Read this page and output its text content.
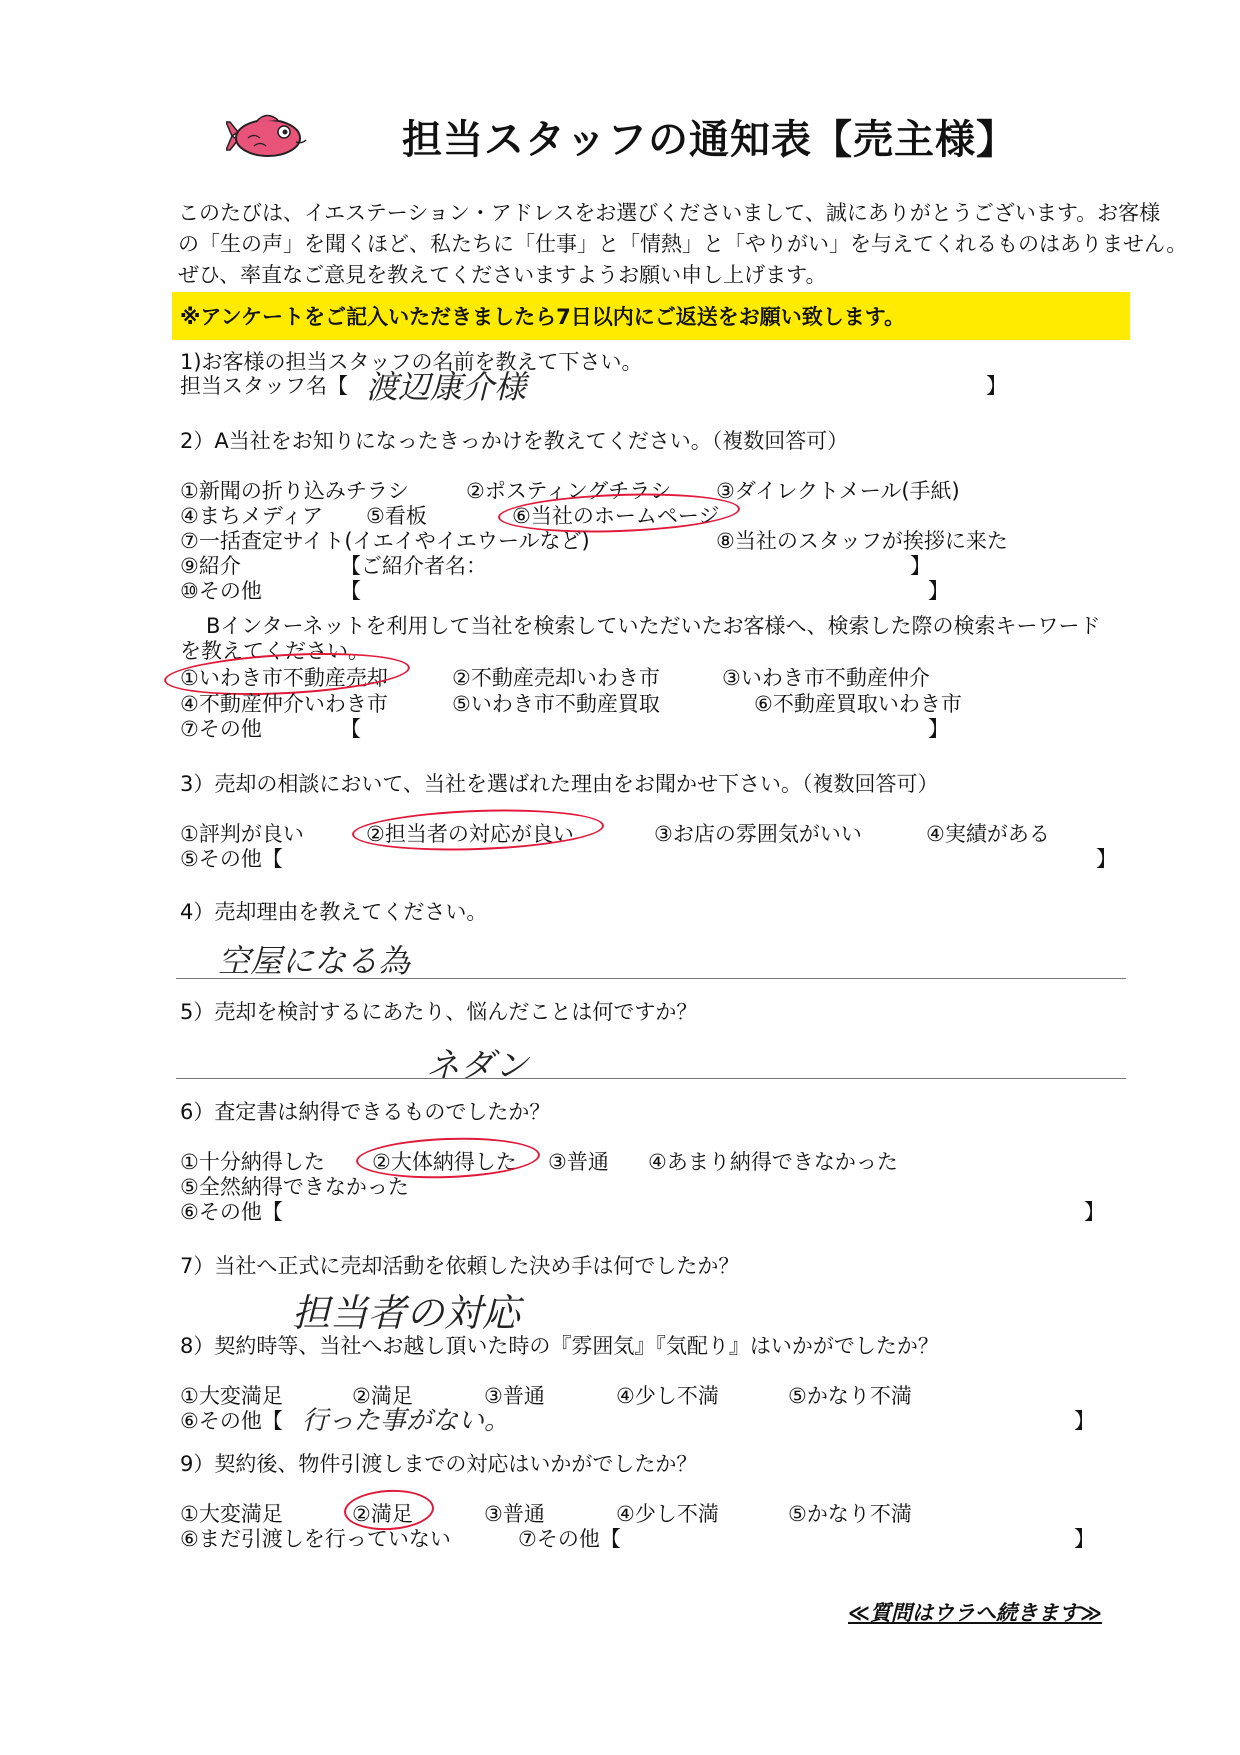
担当スタッフの通知表【売主様】
このたびは、イエステーション・アドレスをお選びくださいまして、誠にありがとうございます。お客様
の「生の声」を聞くほど、私たちに「仕事」と「情熱」と「やりがい」を与えてくれるものはありません。
ぜひ、率直なご意見を教えてくださいますようお願い申し上げます。
※アンケートをご記入いただきましたら7日以内にご返送をお願い致します。
1)お客様の担当スタッフの名前を教えて下さい。
担当スタッフ名【 渡辺康介様	】
2）A当社をお知りになったきっかけを教えてください。（複数回答可）
①新聞の折り込みチラシ	②ポスティングチラシ ③ダイレクトメール(手紙)
④まちメディア ⑤看板	⑥当社のホームページ
⑦一括査定サイト(イエイやイエウールなど)	⑧当社のスタッフが挨拶に来た
⑨紹介	【ご紹介者名：	】
⑩その他	【	】
Bインターネットを利用して当社を検索していただいたお客様へ、検索した際の検索キーワード
を教えてください。
①いわき市不動産売却	②不動産売却いわき市	③いわき市不動産仲介
④不動産仲介いわき市	⑤いわき市不動産買取	⑥不動産買取いわき市
⑦その他	【	】
3）売却の相談において、当社を選ばれた理由をお聞かせ下さい。（複数回答可）
①評判が良い	②担当者の対応が良い	③お店の雰囲気がいい	④実績がある
⑤その他【	】
4）売却理由を教えてください。
空屋になる為
5）売却を検討するにあたり、悩んだことは何ですか？
ネダン
6）査定書は納得できるものでしたか？
①十分納得した ②大体納得した ③普通 ④あまり納得できなかった
⑤全然納得できなかった
⑥その他【	】
7）当社へ正式に売却活動を依頼した決め手は何でしたか？
担当者の対応
8）契約時等、当社へお越し頂いた時の『雰囲気』『気配り』はいかがでしたか？
①大変満足	②満足	③普通	④少し不満	⑤かなり不満
⑥その他【 行った事がない。	】
9）契約後、物件引渡しまでの対応はいかがでしたか？
①大変満足	②満足	③普通	④少し不満	⑤かなり不満
⑥まだ引渡しを行っていない	⑦その他【	】
≪質問はウラへ続きます≫
